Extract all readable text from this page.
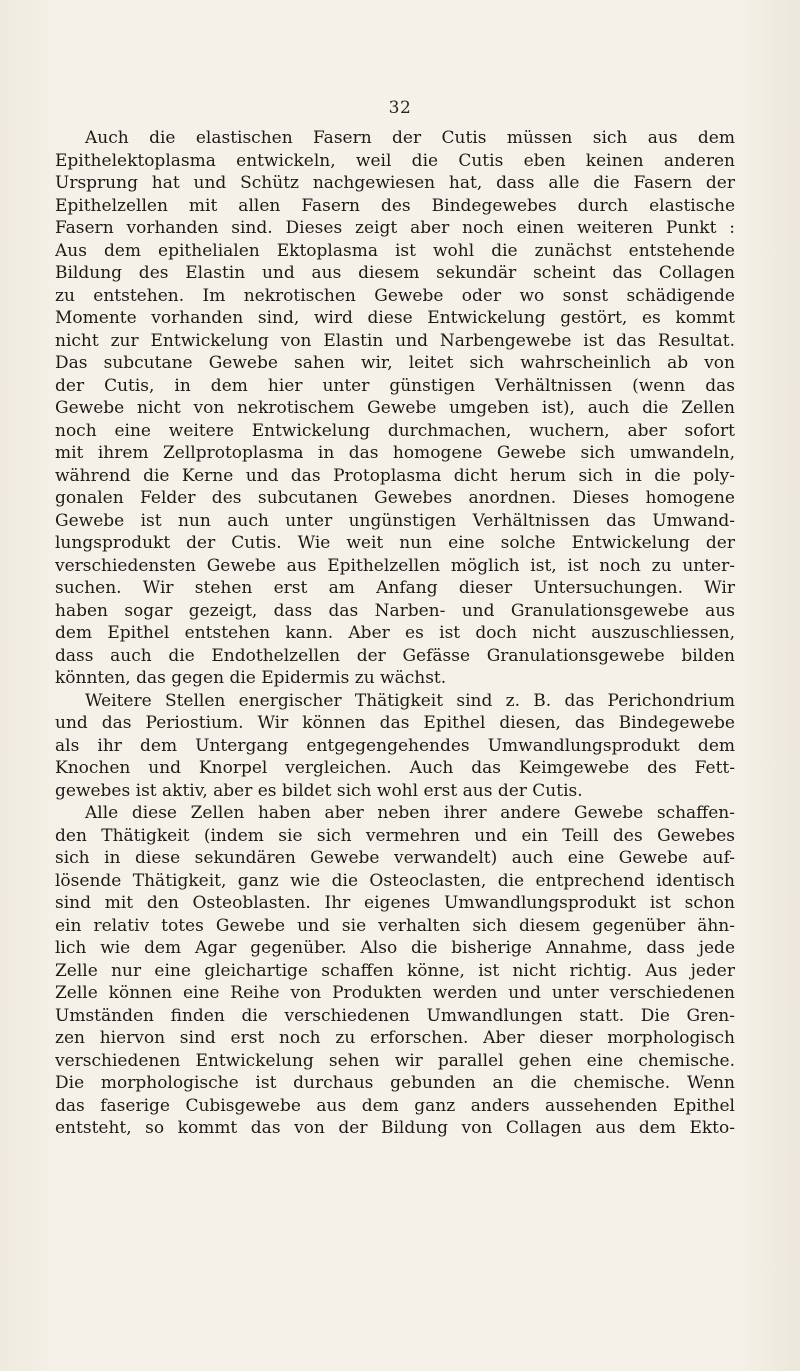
32
Auch die elastischen Fasern der Cutis müssen sich aus dem
Epithelektoplasma entwickeln, weil die Cutis eben keinen anderen
Ursprung hat und Schütz nachgewiesen hat, dass alle die Fasern der
Epithelzellen mit allen Fasern des Bindegewebes durch elastische
Fasern vorhanden sind. Dieses zeigt aber noch einen weiteren Punkt :
Aus dem epithelialen Ektoplasma ist wohl die zunächst entstehende
Bildung des Elastin und aus diesem sekundär scheint das Collagen
zu entstehen. Im nekrotischen Gewebe oder wo sonst schädigende
Momente vorhanden sind, wird diese Entwickelung gestört, es kommt
nicht zur Entwickelung von Elastin und Narbengewebe ist das Resultat.
Das subcutane Gewebe sahen wir, leitet sich wahrscheinlich ab von
der Cutis, in dem hier unter günstigen Verhältnissen (wenn das
Gewebe nicht von nekrotischem Gewebe umgeben ist), auch die Zellen
noch eine weitere Entwickelung durchmachen, wuchern, aber sofort
mit ihrem Zellprotoplasma in das homogene Gewebe sich umwandeln,
während die Kerne und das Protoplasma dicht herum sich in die poly-
gonalen Felder des subcutanen Gewebes anordnen. Dieses homogene
Gewebe ist nun auch unter ungünstigen Verhältnissen das Umwand-
lungsprodukt der Cutis. Wie weit nun eine solche Entwickelung der
verschiedensten Gewebe aus Epithelzellen möglich ist, ist noch zu unter-
suchen. Wir stehen erst am Anfang dieser Untersuchungen. Wir
haben sogar gezeigt, dass das Narben- und Granulationsgewebe aus
dem Epithel entstehen kann. Aber es ist doch nicht auszuschliessen,
dass auch die Endothelzellen der Gefässe Granulationsgewebe bilden
könnten, das gegen die Epidermis zu wächst.
Weitere Stellen energischer Thätigkeit sind z. B. das Perichondrium
und das Periostium. Wir können das Epithel diesen, das Bindegewebe
als ihr dem Untergang entgegengehendes Umwandlungsprodukt dem
Knochen und Knorpel vergleichen. Auch das Keimgewebe des Fett-
gewebes ist aktiv, aber es bildet sich wohl erst aus der Cutis.
Alle diese Zellen haben aber neben ihrer andere Gewebe schaffen-
den Thätigkeit (indem sie sich vermehren und ein Teill des Gewebes
sich in diese sekundären Gewebe verwandelt) auch eine Gewebe auf-
lösende Thätigkeit, ganz wie die Osteoclasten, die entprechend identisch
sind mit den Osteoblasten. Ihr eigenes Umwandlungsprodukt ist schon
ein relativ totes Gewebe und sie verhalten sich diesem gegenüber ähn-
lich wie dem Agar gegenüber. Also die bisherige Annahme, dass jede
Zelle nur eine gleichartige schaffen könne, ist nicht richtig. Aus jeder
Zelle können eine Reihe von Produkten werden und unter verschiedenen
Umständen finden die verschiedenen Umwandlungen statt. Die Gren-
zen hiervon sind erst noch zu erforschen. Aber dieser morphologisch
verschiedenen Entwickelung sehen wir parallel gehen eine chemische.
Die morphologische ist durchaus gebunden an die chemische. Wenn
das faserige Cubisgewebe aus dem ganz anders aussehenden Epithel
entsteht, so kommt das von der Bildung von Collagen aus dem Ekto-
